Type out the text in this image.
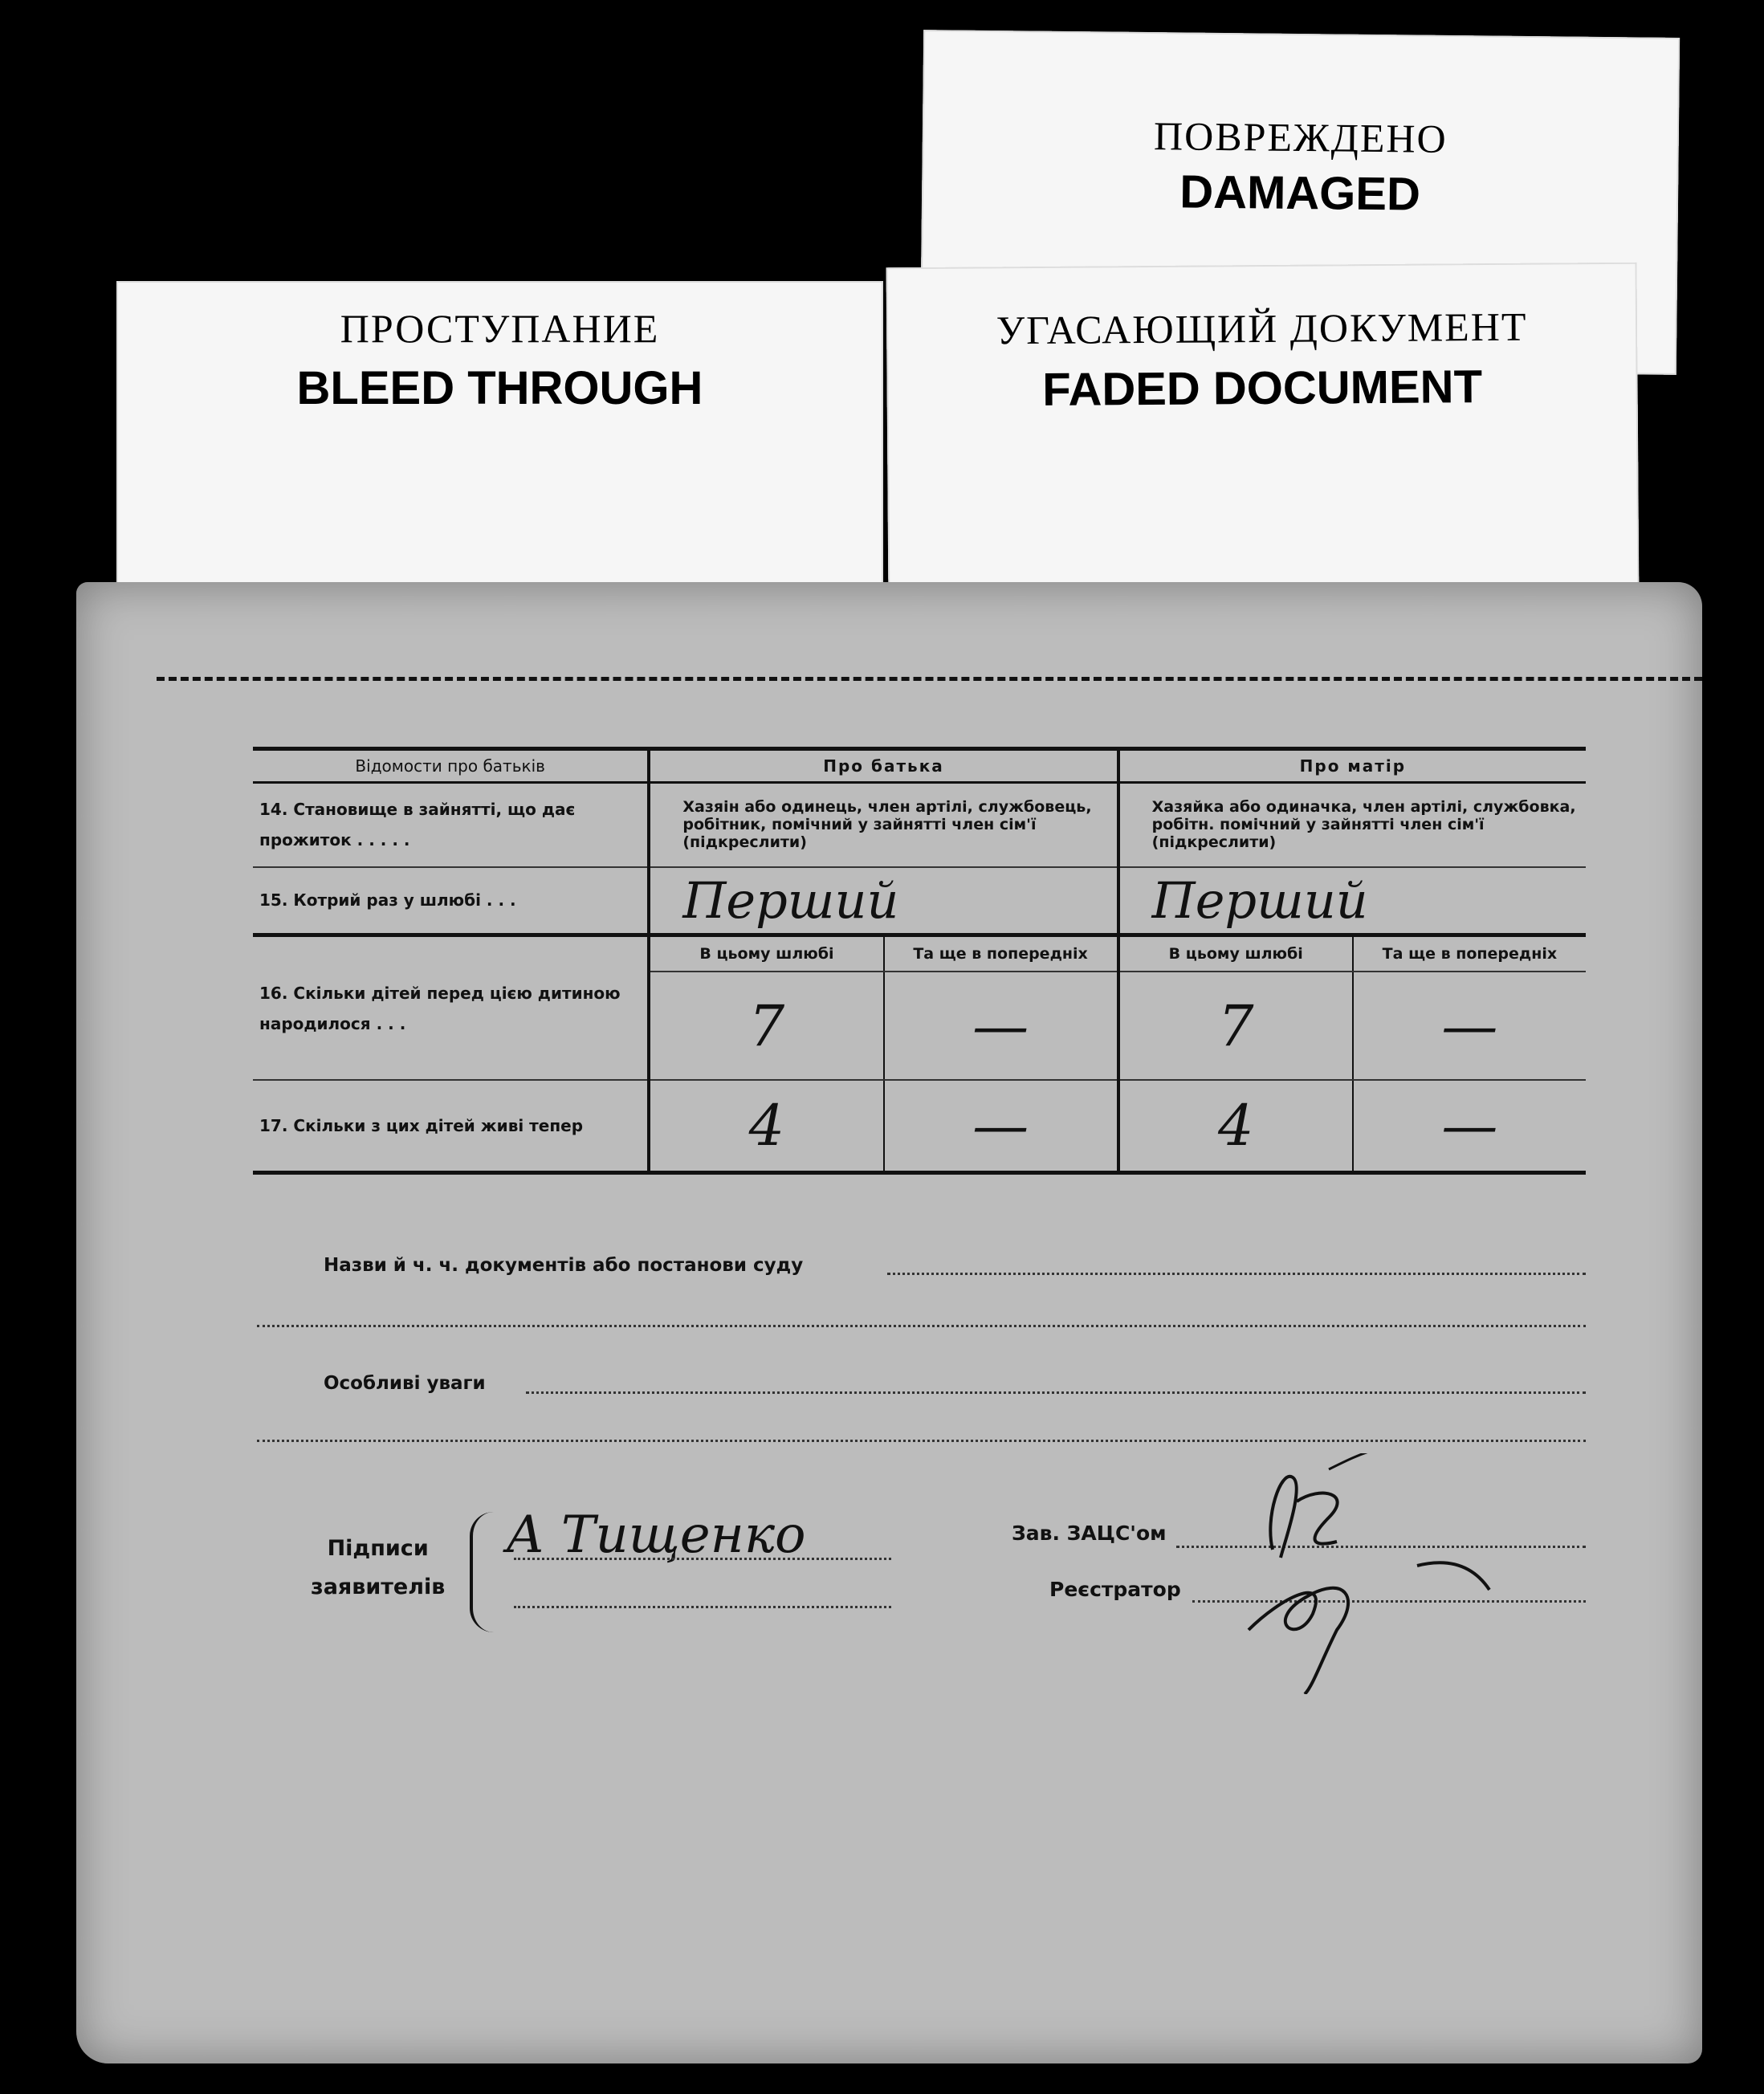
ПОВРЕЖДЕНО
DAMAGED
ПРОСТУПАНИЕ
BLEED THROUGH
УГАСАЮЩИЙ ДОКУМЕНТ
FADED DOCUMENT
Відомости про батьків	Про батька		Про матір	
14. Становище в зайнятті, що дає прожиток . . . . .	Хазяін або одинець, член артілі, службовець, робітник, помічний у зайнятті член сім'ї (підкреслити)		Хазяйка або одиначка, член артілі, службовка, робітн. помічний у зайнятті член сім'ї (підкреслити)	
15. Котрий раз у шлюбі . . .	Перший		Перший	
16. Скільки дітей перед цією дитиною народилося . . .	В цьому шлюбі	Та ще в попередніх	В цьому шлюбі	Та ще в попередніх
	7	—	7	—
17. Скільки з цих дітей живі тепер	4	—	4	—
Назви й ч. ч. документів або постанови суду
Особливі уваги
Підписи
заявителів
А Тищенко	Зав. ЗАЦС'ом
Реєстратор
